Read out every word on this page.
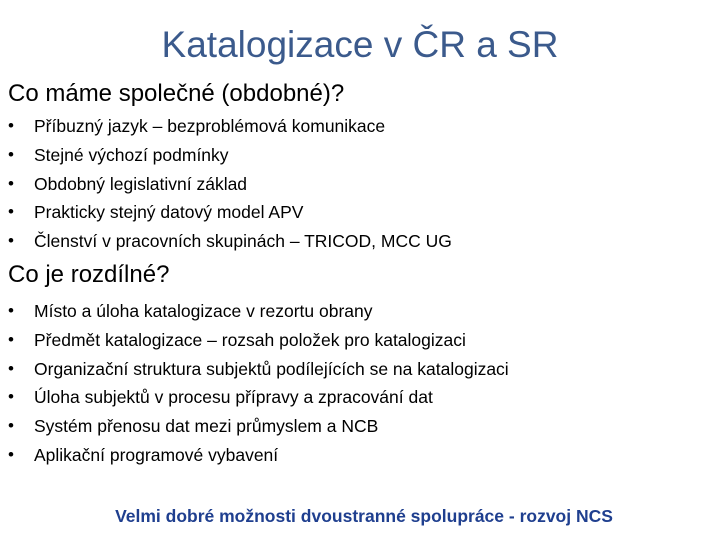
Katalogizace v ČR a SR
Co máme společné (obdobné)?
•	Příbuzný jazyk – bezproblémová komunikace
•	Stejné výchozí podmínky
•	Obdobný legislativní základ
•	Prakticky stejný datový model APV
•	Členství v pracovních skupinách – TRICOD, MCC UG
Co je rozdílné?
•	Místo a úloha katalogizace v rezortu obrany
•	Předmět katalogizace – rozsah položek pro katalogizaci
•	Organizační struktura subjektů podílejících se na katalogizaci
•	Úloha subjektů v procesu přípravy a zpracování dat
•	Systém přenosu dat mezi průmyslem a NCB
•	Aplikační programové vybavení
Velmi dobré možnosti dvoustranné spolupráce - rozvoj NCS
